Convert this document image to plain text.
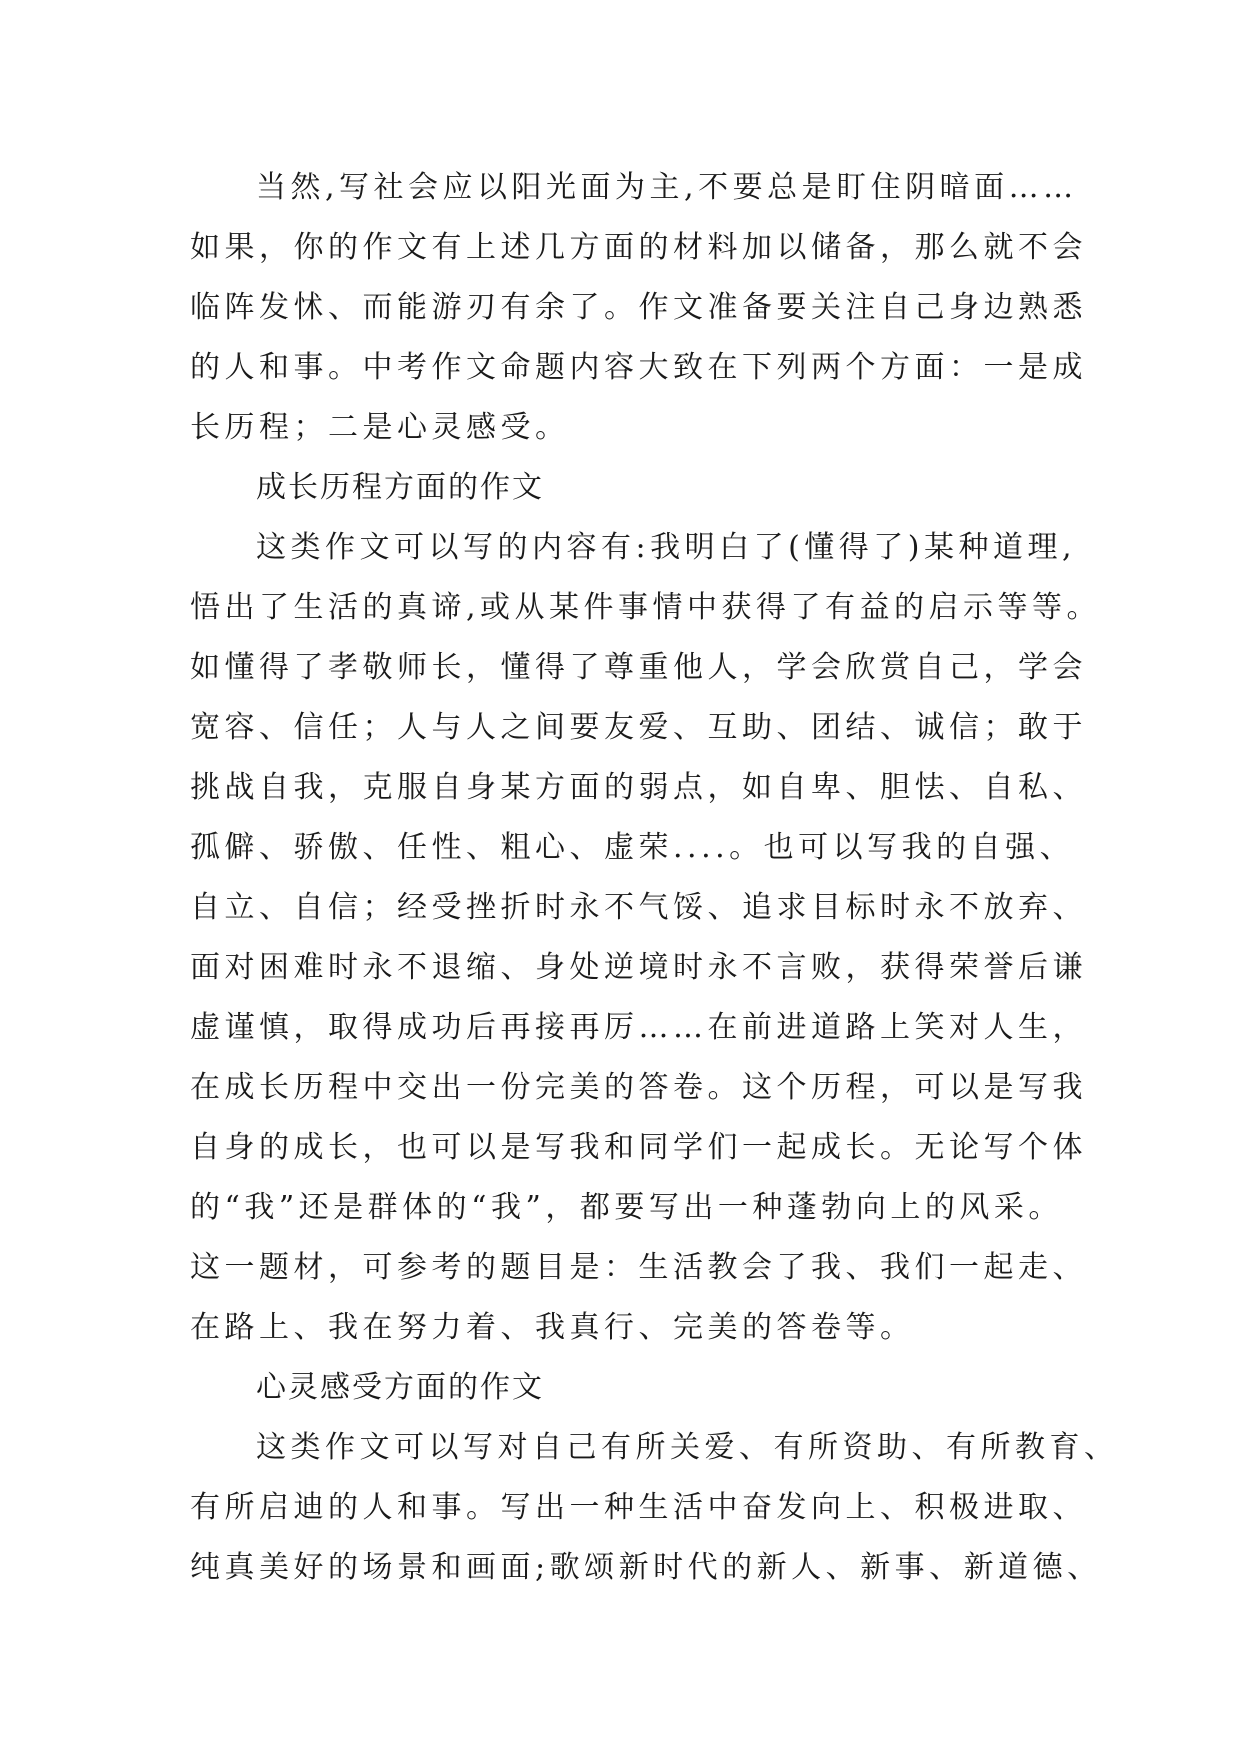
当然,写社会应以阳光面为主,不要总是盯住阴暗面……
如果，你的作文有上述几方面的材料加以储备，那么就不会
临阵发怵、而能游刃有余了。作文准备要关注自己身边熟悉
的人和事。中考作文命题内容大致在下列两个方面：一是成
长历程；二是心灵感受。
成长历程方面的作文
这类作文可以写的内容有:我明白了(懂得了)某种道理,
悟出了生活的真谛,或从某件事情中获得了有益的启示等等。
如懂得了孝敬师长，懂得了尊重他人，学会欣赏自己，学会
宽容、信任；人与人之间要友爱、互助、团结、诚信；敢于
挑战自我，克服自身某方面的弱点，如自卑、胆怯、自私、
孤僻、骄傲、任性、粗心、虚荣....。也可以写我的自强、
自立、自信；经受挫折时永不气馁、追求目标时永不放弃、
面对困难时永不退缩、身处逆境时永不言败，获得荣誉后谦
虚谨慎，取得成功后再接再厉……在前进道路上笑对人生，
在成长历程中交出一份完美的答卷。这个历程，可以是写我
自身的成长，也可以是写我和同学们一起成长。无论写个体
的“我”还是群体的“我”，都要写出一种蓬勃向上的风采。
这一题材，可参考的题目是：生活教会了我、我们一起走、
在路上、我在努力着、我真行、完美的答卷等。
心灵感受方面的作文
这类作文可以写对自己有所关爱、有所资助、有所教育、
有所启迪的人和事。写出一种生活中奋发向上、积极进取、
纯真美好的场景和画面;歌颂新时代的新人、新事、新道德、
